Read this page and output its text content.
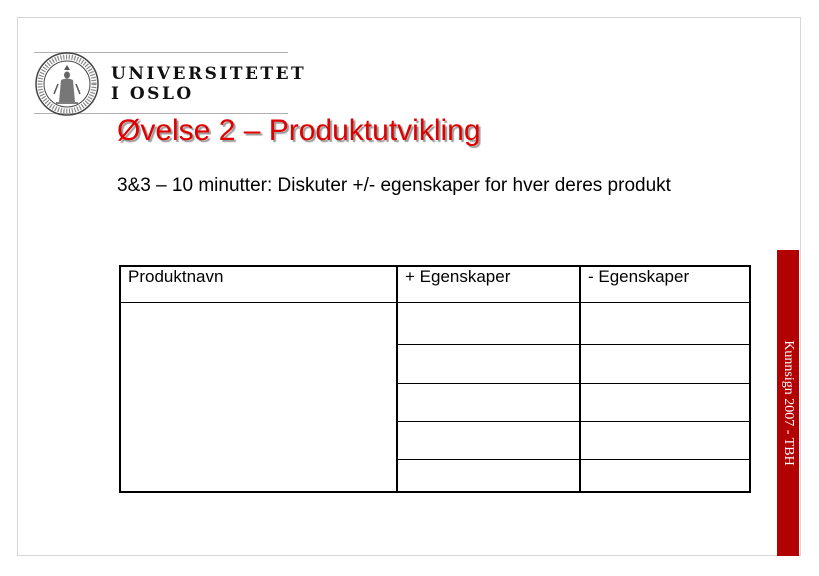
UNIVERSITETET
I OSLO
Øvelse 2 – Produktutvikling
3&3 – 10 minutter: Diskuter +/- egenskaper for hver deres produkt
Kunnsign 2007 - TBH
Produktnavn	+ Egenskaper	- Egenskaper
